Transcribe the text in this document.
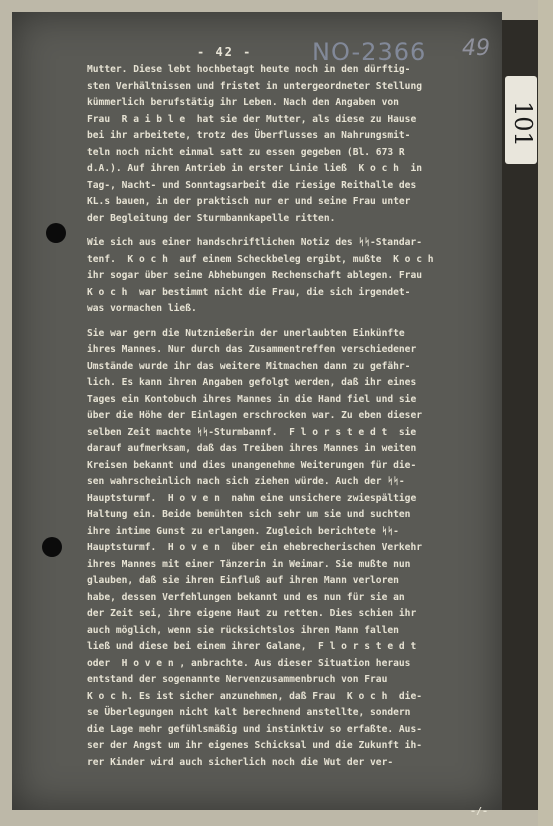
- 42 - NO-2366 49
Mutter. Diese lebt hochbetagt heute noch in den dürftig-
sten Verhältnissen und fristet in untergeordneter Stellung
kümmerlich berufstätig ihr Leben. Nach den Angaben von
Frau  R a i b l e  hat sie der Mutter, als diese zu Hause
bei ihr arbeitete, trotz des Überflusses an Nahrungsmit-
teln noch nicht einmal satt zu essen gegeben (Bl. 673 R
d.A.). Auf ihren Antrieb in erster Linie ließ  K o c h  in
Tag-, Nacht- und Sonntagsarbeit die riesige Reithalle des
KL.s bauen, in der praktisch nur er und seine Frau unter
der Begleitung der Sturmbannkapelle ritten.
Wie sich aus einer handschriftlichen Notiz des ᛋᛋ-Standar-
tenf.  K o c h  auf einem Scheckbeleg ergibt, mußte  K o c h
ihr sogar über seine Abhebungen Rechenschaft ablegen. Frau
K o c h  war bestimmt nicht die Frau, die sich irgendet-
was vormachen ließ.
Sie war gern die Nutznießerin der unerlaubten Einkünfte
ihres Mannes. Nur durch das Zusammentreffen verschiedener
Umstände wurde ihr das weitere Mitmachen dann zu gefähr-
lich. Es kann ihren Angaben gefolgt werden, daß ihr eines
Tages ein Kontobuch ihres Mannes in die Hand fiel und sie
über die Höhe der Einlagen erschrocken war. Zu eben dieser
selben Zeit machte ᛋᛋ-Sturmbannf.  F l o r s t e d t  sie
darauf aufmerksam, daß das Treiben ihres Mannes in weiten
Kreisen bekannt und dies unangenehme Weiterungen für die-
sen wahrscheinlich nach sich ziehen würde. Auch der ᛋᛋ-
Hauptsturmf.  H o v e n  nahm eine unsichere zwiespältige
Haltung ein. Beide bemühten sich sehr um sie und suchten
ihre intime Gunst zu erlangen. Zugleich berichtete ᛋᛋ-
Hauptsturmf.  H o v e n  über ein ehebrecherischen Verkehr
ihres Mannes mit einer Tänzerin in Weimar. Sie mußte nun
glauben, daß sie ihren Einfluß auf ihren Mann verloren
habe, dessen Verfehlungen bekannt und es nun für sie an
der Zeit sei, ihre eigene Haut zu retten. Dies schien ihr
auch möglich, wenn sie rücksichtslos ihren Mann fallen
ließ und diese bei einem ihrer Galane,  F l o r s t e d t
oder  H o v e n , anbrachte. Aus dieser Situation heraus
entstand der sogenannte Nervenzusammenbruch von Frau
K o c h. Es ist sicher anzunehmen, daß Frau  K o c h  die-
se Überlegungen nicht kalt berechnend anstellte, sondern
die Lage mehr gefühlsmäßig und instinktiv so erfaßte. Aus-
ser der Angst um ihr eigenes Schicksal und die Zukunft ih-
rer Kinder wird auch sicherlich noch die Wut der ver-
-/-
101
